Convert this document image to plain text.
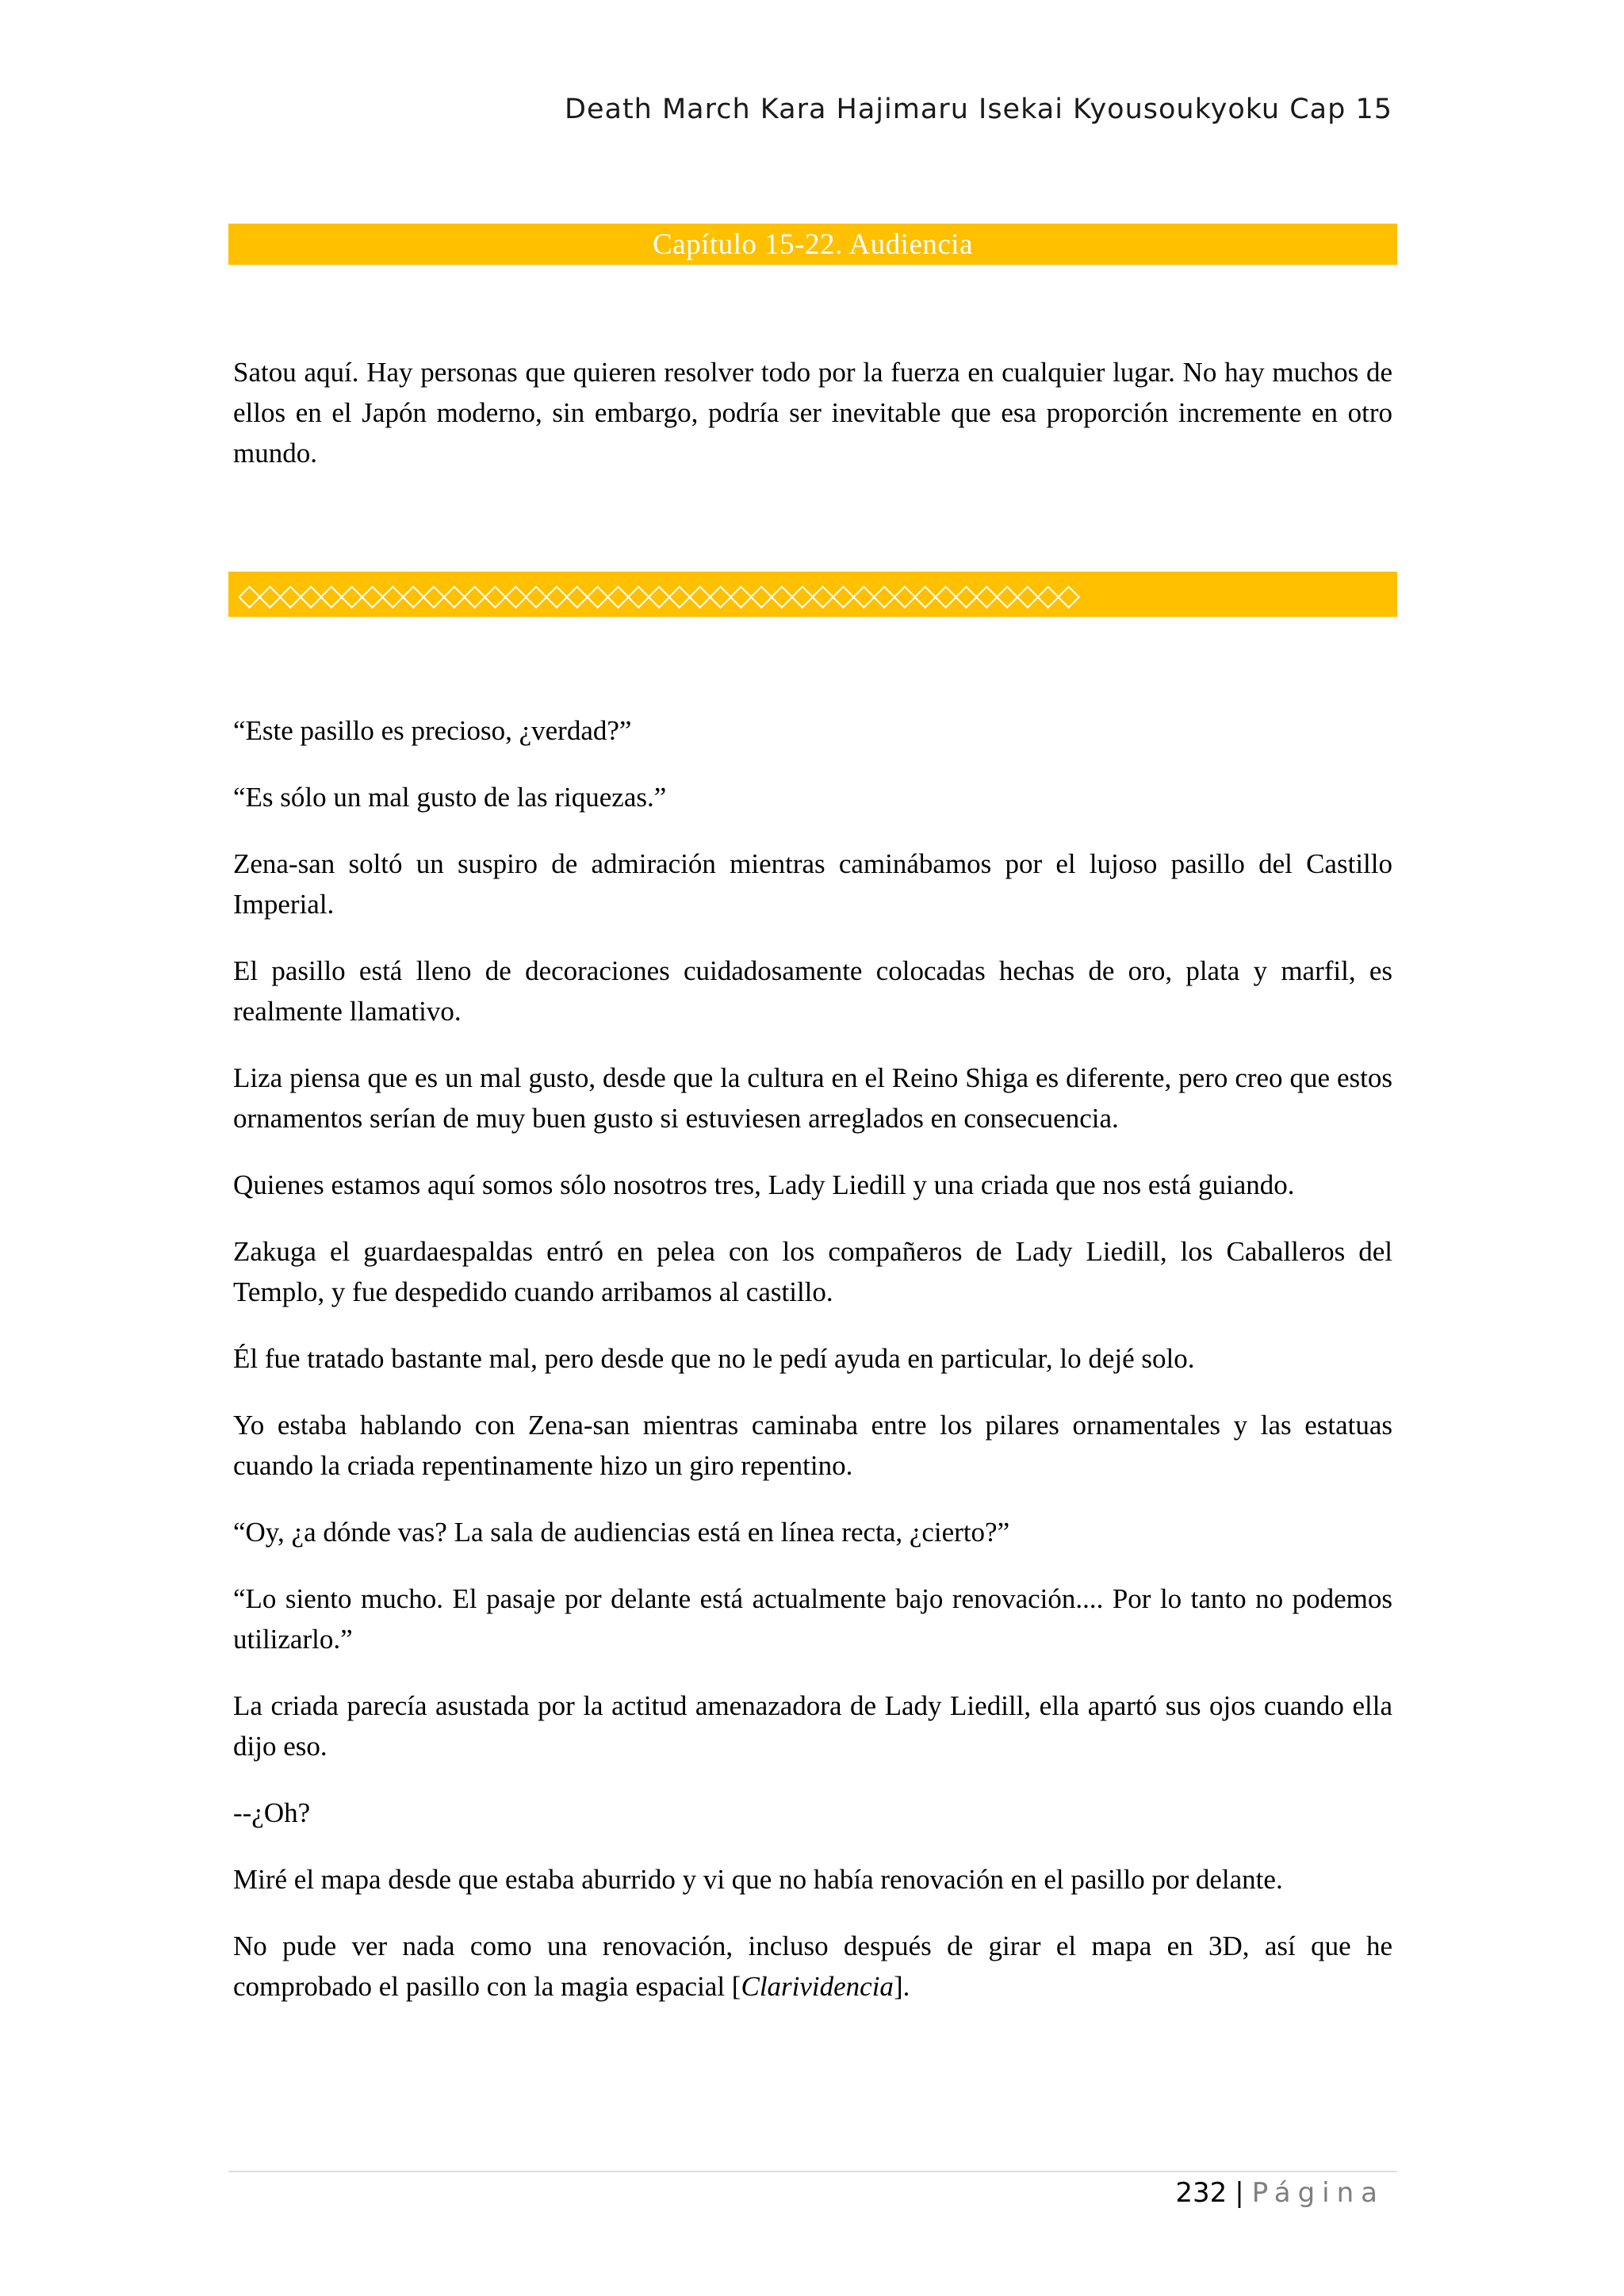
Death March Kara Hajimaru Isekai Kyousoukyoku Cap 15
Capítulo 15-22. Audiencia

Satou aquí. Hay personas que quieren resolver todo por la fuerza en cualquier lugar. No hay muchos de ellos en el Japón moderno, sin embargo, podría ser inevitable que esa proporción incremente en otro mundo.

◇◇◇◇◇◇◇◇◇◇◇◇◇◇◇◇◇◇◇◇◇◇◇◇◇◇◇◇◇◇◇◇◇◇◇◇◇◇◇◇◇

“Este pasillo es precioso, ¿verdad?”

“Es sólo un mal gusto de las riquezas.”

Zena-san soltó un suspiro de admiración mientras caminábamos por el lujoso pasillo del Castillo Imperial.

El pasillo está lleno de decoraciones cuidadosamente colocadas hechas de oro, plata y marfil, es realmente llamativo.

Liza piensa que es un mal gusto, desde que la cultura en el Reino Shiga es diferente, pero creo que estos ornamentos serían de muy buen gusto si estuviesen arreglados en consecuencia.

Quienes estamos aquí somos sólo nosotros tres, Lady Liedill y una criada que nos está guiando.

Zakuga el guardaespaldas entró en pelea con los compañeros de Lady Liedill, los Caballeros del Templo, y fue despedido cuando arribamos al castillo.

Él fue tratado bastante mal, pero desde que no le pedí ayuda en particular, lo dejé solo.

Yo estaba hablando con Zena-san mientras caminaba entre los pilares ornamentales y las estatuas cuando la criada repentinamente hizo un giro repentino.

“Oy, ¿a dónde vas? La sala de audiencias está en línea recta, ¿cierto?”

“Lo siento mucho. El pasaje por delante está actualmente bajo renovación.... Por lo tanto no podemos utilizarlo.”

La criada parecía asustada por la actitud amenazadora de Lady Liedill, ella apartó sus ojos cuando ella dijo eso.

--¿Oh?

Miré el mapa desde que estaba aburrido y vi que no había renovación en el pasillo por delante.

No pude ver nada como una renovación, incluso después de girar el mapa en 3D, así que he comprobado el pasillo con la magia espacial [Clarividencia].

232 | Página
